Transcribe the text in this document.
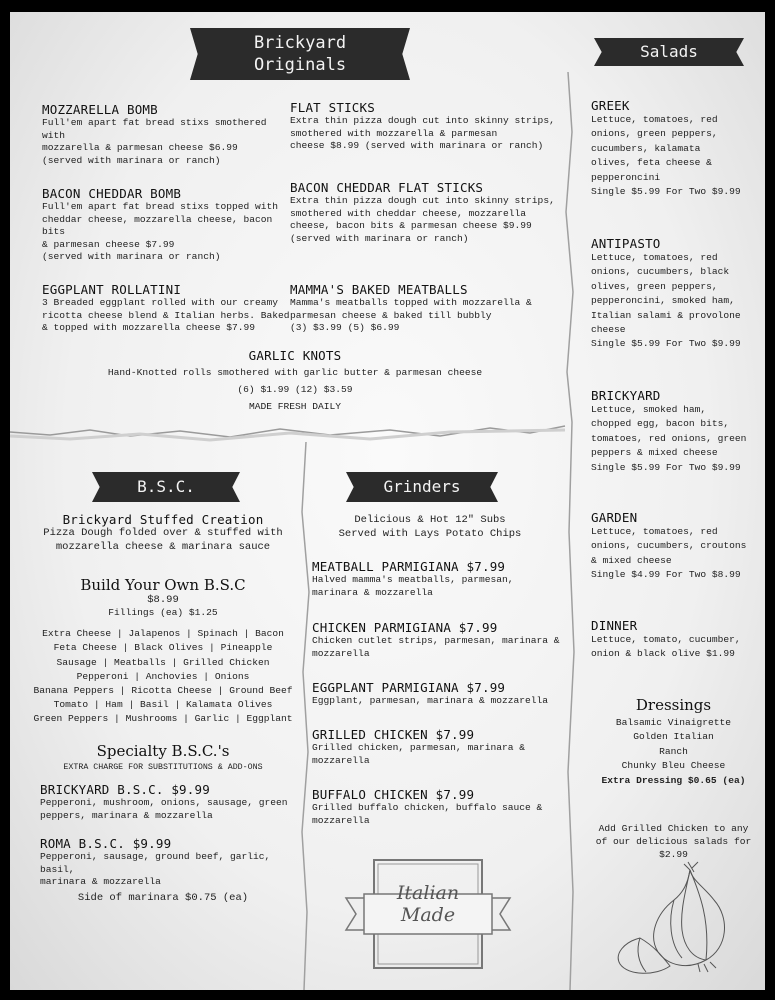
Brickyard
Originals
MOZZARELLA BOMB
Full'em apart fat bread stixs smothered with
mozzarella & parmesan cheese $6.99
(served with marinara or ranch)
FLAT STICKS
Extra thin pizza dough cut into skinny strips,
smothered with mozzarella & parmesan
cheese $8.99 (served with marinara or ranch)
BACON CHEDDAR BOMB
Full'em apart fat bread stixs topped with
cheddar cheese, mozzarella cheese, bacon bits
& parmesan cheese $7.99
(served with marinara or ranch)
BACON CHEDDAR FLAT STICKS
Extra thin pizza dough cut into skinny strips,
smothered with cheddar cheese, mozzarella
cheese, bacon bits & parmesan cheese $9.99
(served with marinara or ranch)
EGGPLANT ROLLATINI
3 Breaded eggplant rolled with our creamy
ricotta cheese blend & Italian herbs. Baked
& topped with mozzarella cheese $7.99
MAMMA'S BAKED MEATBALLS
Mamma's meatballs topped with mozzarella &
parmesan cheese & baked till bubbly
(3) $3.99 (5) $6.99
GARLIC KNOTS
Hand-Knotted rolls smothered with garlic butter & parmesan cheese
(6) $1.99 (12) $3.59
MADE FRESH DAILY
Salads
GREEK
Lettuce, tomatoes, red
onions, green peppers,
cucumbers, kalamata
olives, feta cheese &
pepperoncini
Single $5.99 For Two $9.99
ANTIPASTO
Lettuce, tomatoes, red
onions, cucumbers, black
olives, green peppers,
pepperoncini, smoked ham,
Italian salami & provolone
cheese
Single $5.99 For Two $9.99
BRICKYARD
Lettuce, smoked ham,
chopped egg, bacon bits,
tomatoes, red onions, green
peppers & mixed cheese
Single $5.99 For Two $9.99
GARDEN
Lettuce, tomatoes, red
onions, cucumbers, croutons
& mixed cheese
Single $4.99 For Two $8.99
DINNER
Lettuce, tomato, cucumber,
onion & black olive $1.99
Dressings
Balsamic Vinaigrette
Golden Italian
Ranch
Chunky Bleu Cheese
Extra Dressing $0.65 (ea)
Add Grilled Chicken to any
of our delicious salads for
$2.99
B.S.C.
Brickyard Stuffed Creation
Pizza Dough folded over & stuffed with
mozzarella cheese & marinara sauce
Build Your Own B.S.C
$8.99
Fillings (ea) $1.25
Extra Cheese | Jalapenos | Spinach | Bacon
Feta Cheese | Black Olives | Pineapple
Sausage | Meatballs | Grilled Chicken
Pepperoni | Anchovies | Onions
Banana Peppers | Ricotta Cheese | Ground Beef
Tomato | Ham | Basil | Kalamata Olives
Green Peppers | Mushrooms | Garlic | Eggplant
Specialty B.S.C.'s
EXTRA CHARGE FOR SUBSTITUTIONS & ADD-ONS
BRICKYARD B.S.C. $9.99
Pepperoni, mushroom, onions, sausage, green
peppers, marinara & mozzarella
ROMA B.S.C. $9.99
Pepperoni, sausage, ground beef, garlic, basil,
marinara & mozzarella
Side of marinara $0.75 (ea)
Grinders
Delicious & Hot 12" Subs
Served with Lays Potato Chips
MEATBALL PARMIGIANA $7.99
Halved mamma's meatballs, parmesan,
marinara & mozzarella
CHICKEN PARMIGIANA $7.99
Chicken cutlet strips, parmesan, marinara &
mozzarella
EGGPLANT PARMIGIANA $7.99
Eggplant, parmesan, marinara & mozzarella
GRILLED CHICKEN $7.99
Grilled chicken, parmesan, marinara &
mozzarella
BUFFALO CHICKEN $7.99
Grilled buffalo chicken, buffalo sauce &
mozzarella
Italian
Made
